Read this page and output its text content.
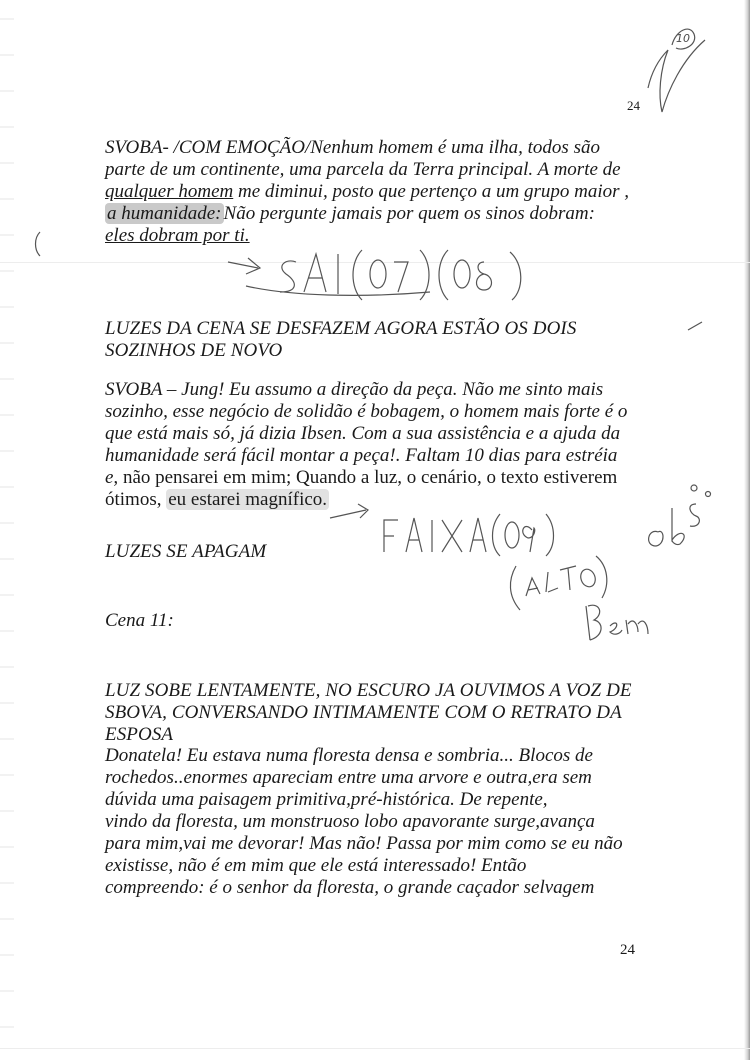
10
24

SVOBA- /COM EMOÇÃO/Nenhum homem é uma ilha, todos são

parte de um continente, uma parcela da Terra principal. A morte de

qualquer homem me diminui, posto que pertenço a um grupo maior ,

a humanidade: Não pergunte jamais por quem os sinos dobram:

eles dobram por ti.

LUZES DA CENA SE DESFAZEM AGORA ESTÃO OS DOIS

SOZINHOS DE NOVO

SVOBA – Jung! Eu assumo a direção da peça. Não me sinto mais

sozinho, esse negócio de solidão é bobagem, o homem mais forte é o

que está mais só, já dizia Ibsen. Com a sua assistência e a ajuda da

humanidade será fácil montar a peça!. Faltam 10 dias para estréia

e, não pensarei em mim; Quando a luz, o cenário, o texto estiverem

ótimos, eu estarei magnífico.

LUZES SE APAGAM

Cena 11:

LUZ SOBE LENTAMENTE, NO ESCURO JA OUVIMOS A VOZ DE

SBOVA, CONVERSANDO INTIMAMENTE COM O RETRATO DA

ESPOSA

Donatela! Eu estava numa floresta densa e sombria... Blocos de

rochedos..enormes apareciam entre uma arvore e outra,era sem

dúvida uma paisagem primitiva,pré-histórica. De repente,

vindo da floresta, um monstruoso lobo apavorante surge,avança

para mim,vai me devorar! Mas não! Passa por mim como se eu não

existisse, não é em mim que ele está interessado! Então

compreendo: é o senhor da floresta, o grande caçador selvagem

24
